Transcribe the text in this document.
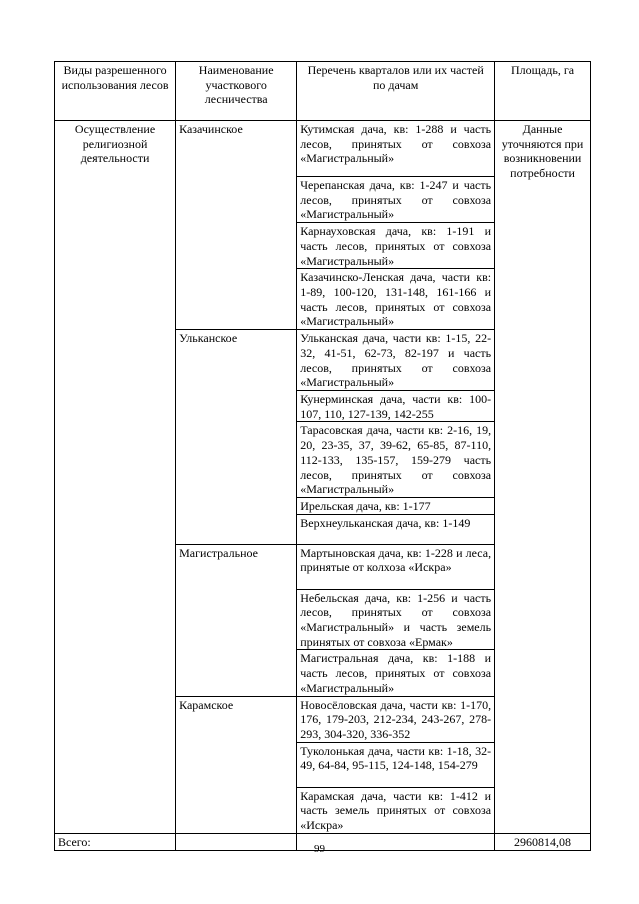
Виды разрешенного использования лесов	Наименование участкового лесничества	Перечень кварталов или их частей по дачам	Площадь, га
Осуществление религиозной деятельности	Казачинское	Кутимская дача, кв: 1-288 и часть лесов, принятых от совхоза «Магистральный»	Данные уточняются при возникновении потребности
		Черепанская дача, кв: 1-247 и часть лесов, принятых от совхоза «Магистральный»	
		Карнауховская дача, кв: 1-191 и часть лесов, принятых от совхоза «Магистральный»	
		Казачинско-Ленская дача, части кв: 1-89, 100-120, 131-148, 161-166 и часть лесов, принятых от совхоза «Магистральный»	
	Ульканское	Ульканская дача, части кв: 1-15, 22-32, 41-51, 62-73, 82-197 и часть лесов, принятых от совхоза «Магистральный»	
		Кунерминская дача, части кв: 100-107, 110, 127-139, 142-255	
		Тарасовская дача, части кв: 2-16, 19, 20, 23-35, 37, 39-62, 65-85, 87-110, 112-133, 135-157, 159-279 часть лесов, принятых от совхоза «Магистральный»	
		Ирельская дача, кв: 1-177	
		Верхнеульканская дача, кв: 1-149	
	Магистральное	Мартыновская дача, кв: 1-228 и леса, принятые от колхоза «Искра»	
		Небельская дача, кв: 1-256 и часть лесов, принятых от совхоза «Магистральный» и часть земель принятых от совхоза «Ермак»	
		Магистральная дача, кв: 1-188 и часть лесов, принятых от совхоза «Магистральный»	
	Карамское	Новосёловская дача, части кв: 1-170, 176, 179-203, 212-234, 243-267, 278-293, 304-320, 336-352	
		Туколонькая дача, части кв: 1-18, 32-49, 64-84, 95-115, 124-148, 154-279	
		Карамская дача, части кв: 1-412 и часть земель принятых от совхоза «Искра»	
Всего:			2960814,08
99
